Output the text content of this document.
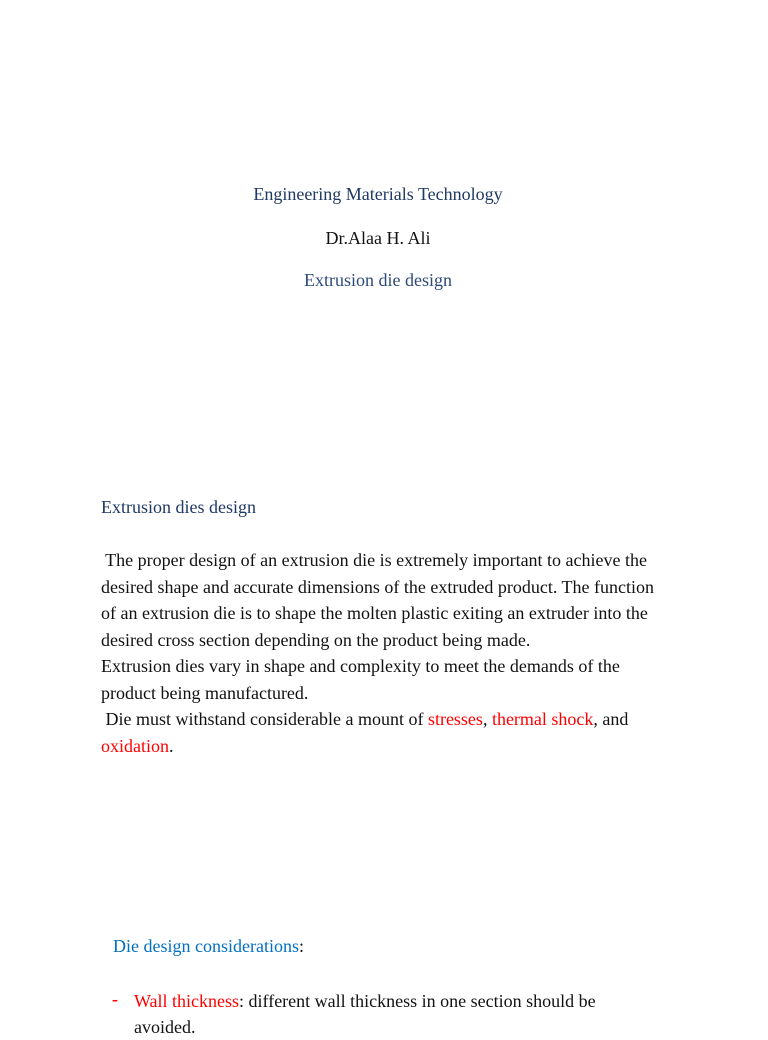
Engineering Materials Technology
Dr.Alaa H. Ali
Extrusion die design
Extrusion dies design
The proper design of an extrusion die is extremely important to achieve the
desired shape and accurate dimensions of the extruded product. The function
of an extrusion die is to shape the molten plastic exiting an extruder into the
desired cross section depending on the product being made.
Extrusion dies vary in shape and complexity to meet the demands of the
product being manufactured.
Die must withstand considerable a mount of stresses, thermal shock, and
oxidation.
Die design considerations:
- Wall thickness: different wall thickness in one section should be
avoided.
